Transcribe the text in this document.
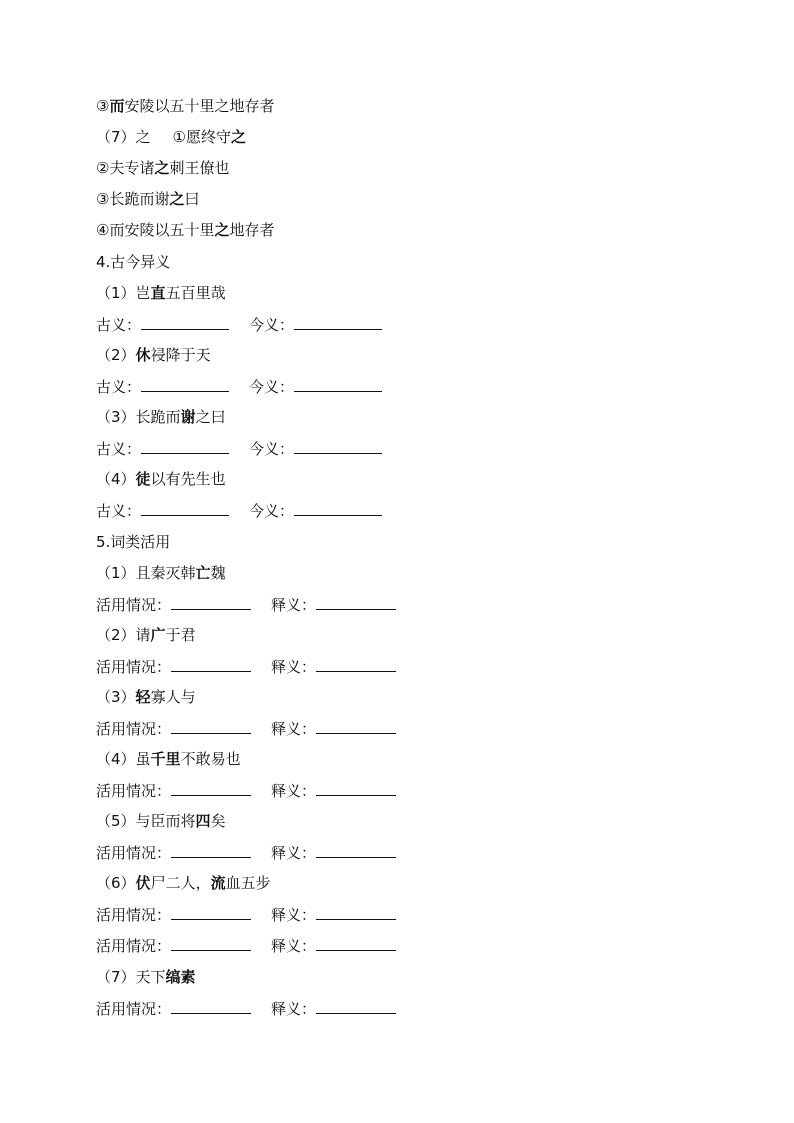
③而安陵以五十里之地存者
（7）之 ①愿终守之
②夫专诸之刺王僚也
③长跪而谢之曰
④而安陵以五十里之地存者
4.古今异义
（1）岂直五百里哉
古义：	今义：
（2）休祲降于天
古义：	今义：
（3）长跪而谢之曰
古义：	今义：
（4）徒以有先生也
古义：	今义：
5.词类活用
（1）且秦灭韩亡魏
活用情况：	释义：
（2）请广于君
活用情况：	释义：
（3）轻寡人与
活用情况：	释义：
（4）虽千里不敢易也
活用情况：	释义：
（5）与臣而将四矣
活用情况：	释义：
（6）伏尸二人，流血五步
活用情况：	释义：
活用情况：	释义：
（7）天下缟素
活用情况：	释义：
